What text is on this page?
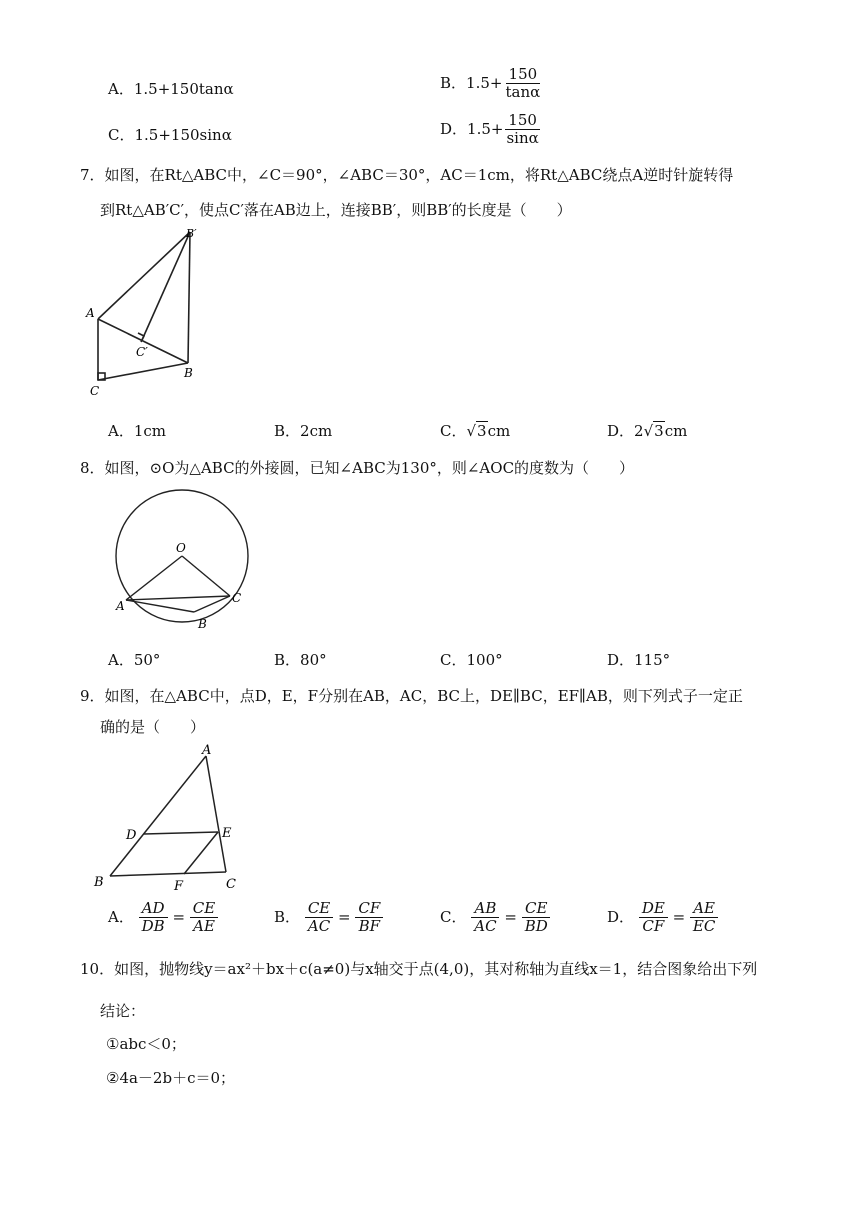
A．1.5+150tanα	B．$1.5+ \frac{150}{\tan\alpha}$
C．1.5+150sinα	D．$1.5+ \frac{150}{\sin\alpha}$
7．如图，在Rt△ABC中，∠C＝90°，∠ABC＝30°，AC＝1cm，将Rt△ABC绕点A逆时针旋转得
到Rt△AB′C′，使点C′落在AB边上，连接BB′，则BB′的长度是（　　）
B′
A
C′
B
C
A．1cm	B．2cm	C．√3cm	D．2√3cm
8．如图，⊙O为△ABC的外接圆，已知∠ABC为130°，则∠AOC的度数为（　　）
O
A
C
B
A．50°	B．80°	C．100°	D．115°
9．如图，在△ABC中，点D，E，F分别在AB，AC，BC上，DE∥BC，EF∥AB，则下列式子一定正
确的是（　　）
A
D	E
B	F	C
A． $\frac{AD}{DB} = \frac{CE}{AE}$	B． $\frac{CE}{AC} = \frac{CF}{BF}$	C． $\frac{AB}{AC} = \frac{CE}{BD}$	D． $\frac{DE}{CF} = \frac{AE}{EC}$
10．如图，抛物线y＝ax²＋bx＋c(a≠0)与x轴交于点(4,0)，其对称轴为直线x＝1，结合图象给出下列
结论：
①abc＜0；
②4a－2b＋c＝0；
